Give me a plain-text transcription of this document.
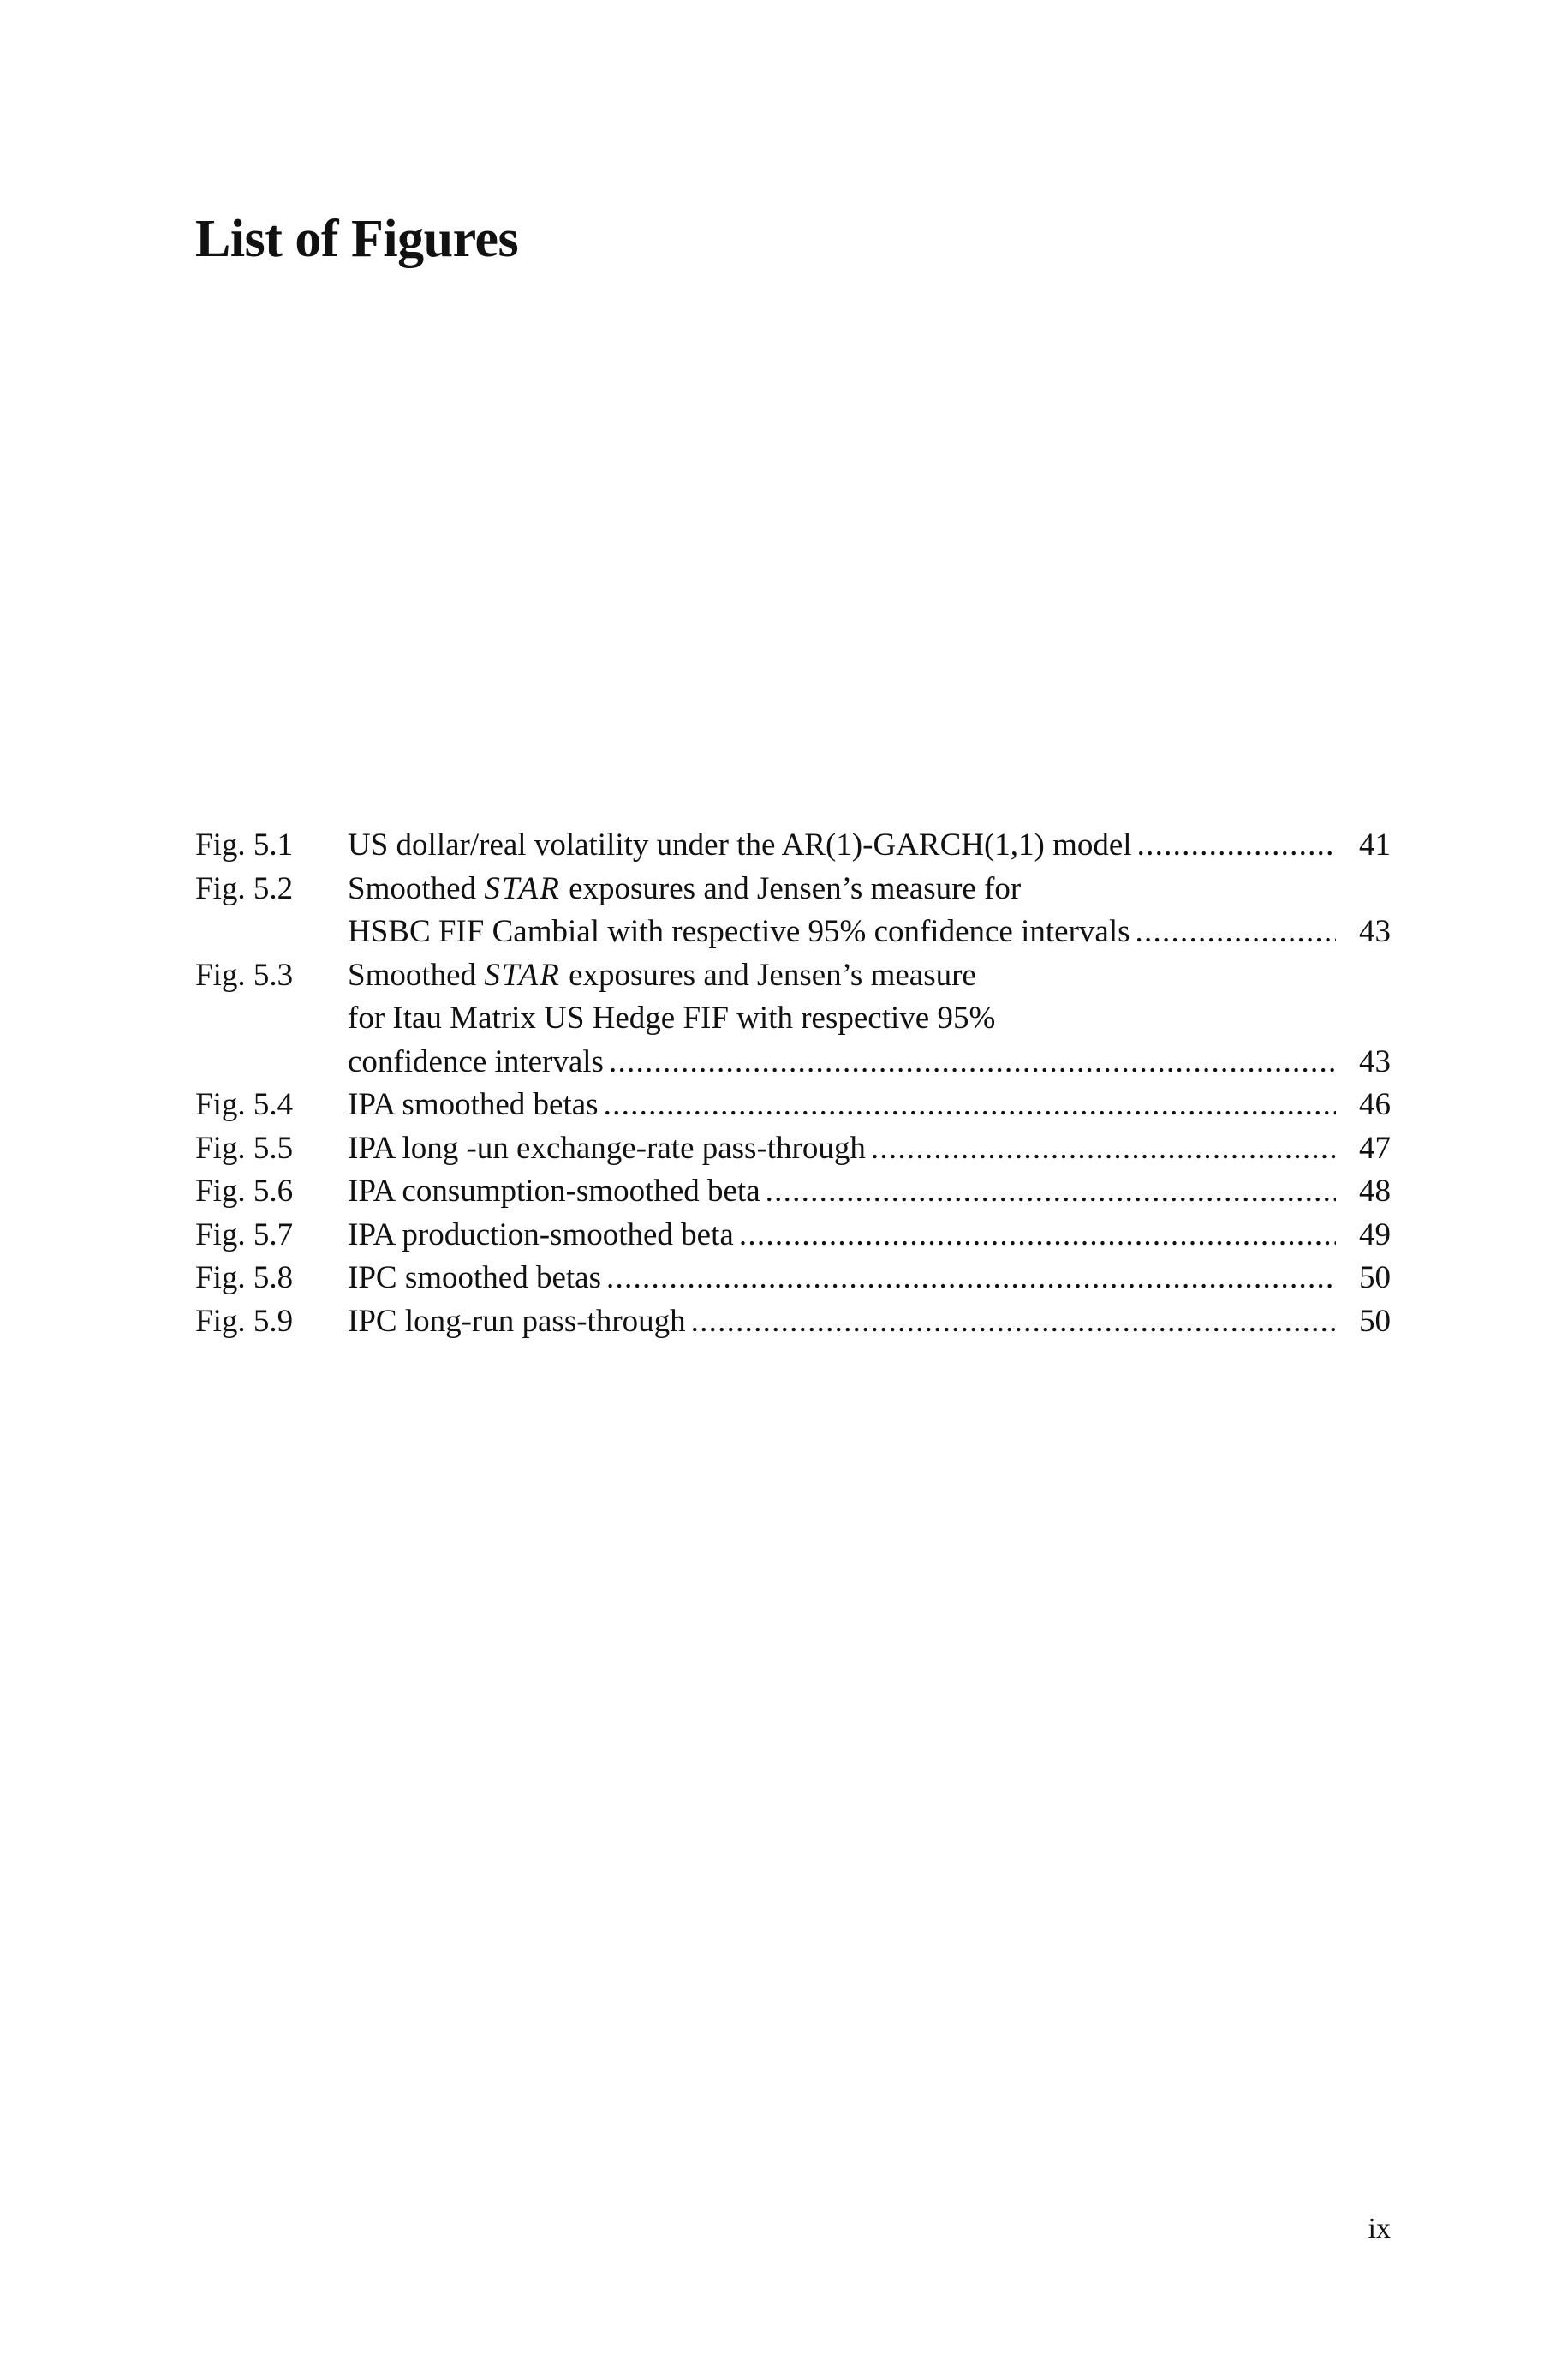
List of Figures
Fig. 5.1	US dollar/real volatility under the AR(1)-GARCH(1,1) model . . .	41
Fig. 5.2	Smoothed STAR exposures and Jensen’s measure for
HSBC FIF Cambial with respective 95% confidence intervals . . .	43
Fig. 5.3	Smoothed STAR exposures and Jensen’s measure
for Itau Matrix US Hedge FIF with respective 95%
confidence intervals . . .	43
Fig. 5.4	IPA smoothed betas . . .	46
Fig. 5.5	IPA long -un exchange-rate pass-through . . .	47
Fig. 5.6	IPA consumption-smoothed beta . . .	48
Fig. 5.7	IPA production-smoothed beta . . .	49
Fig. 5.8	IPC smoothed betas . . .	50
Fig. 5.9	IPC long-run pass-through . . .	50
ix
